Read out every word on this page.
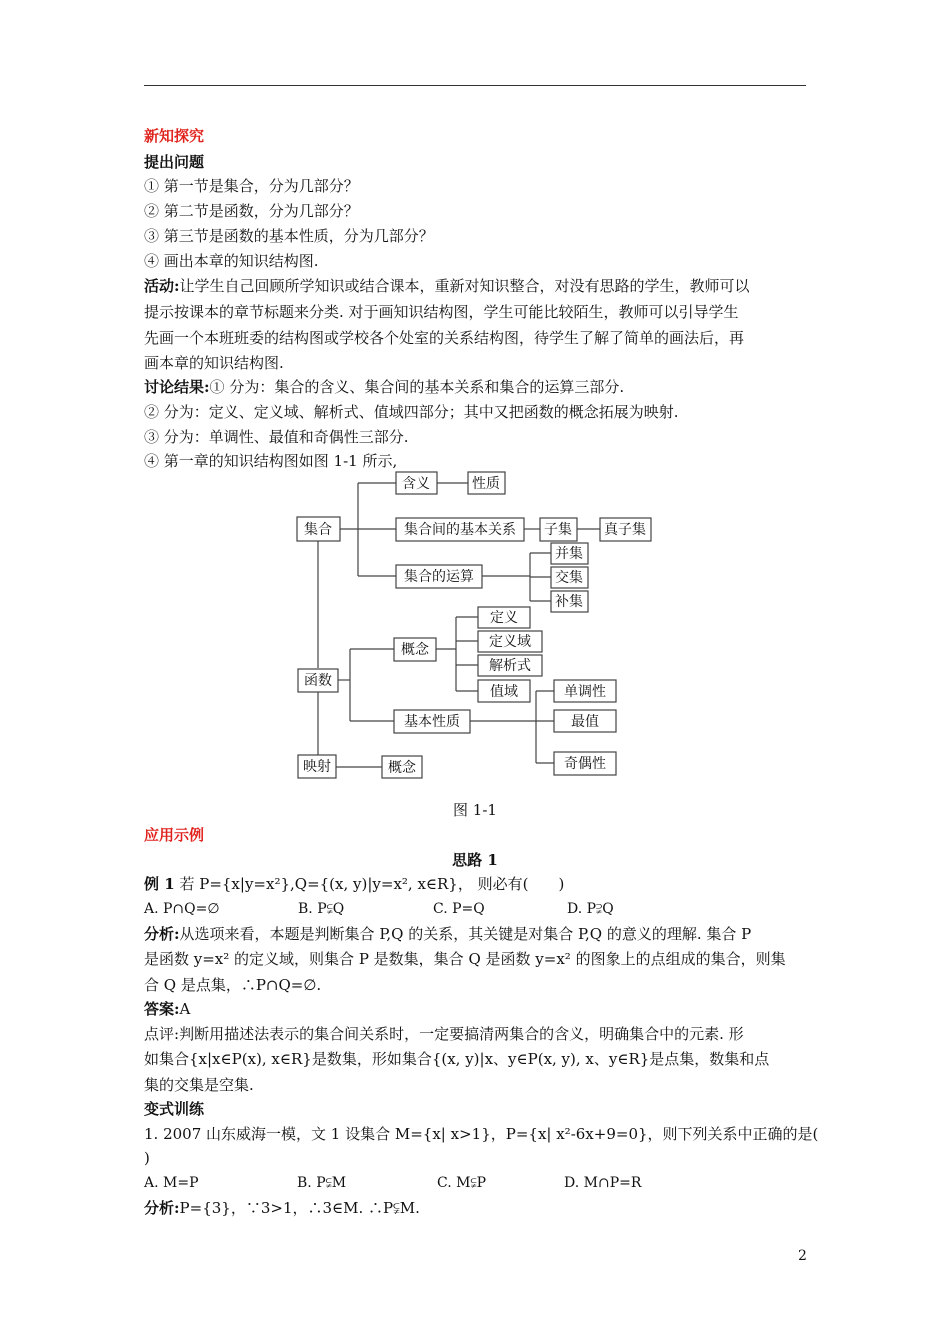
新知探究
提出问题
① 第一节是集合，分为几部分？
② 第二节是函数，分为几部分？
③ 第三节是函数的基本性质，分为几部分？
④ 画出本章的知识结构图.
活动:让学生自己回顾所学知识或结合课本，重新对知识整合，对没有思路的学生，教师可以
提示按课本的章节标题来分类. 对于画知识结构图，学生可能比较陌生，教师可以引导学生
先画一个本班班委的结构图或学校各个处室的关系结构图，待学生了解了简单的画法后，再
画本章的知识结构图.
讨论结果:① 分为：集合的含义、集合间的基本关系和集合的运算三部分.
② 分为：定义、定义域、解析式、值域四部分；其中又把函数的概念拓展为映射.
③ 分为：单调性、最值和奇偶性三部分.
④ 第一章的知识结构图如图 1-1 所示,
集合
含义	性质
集合间的基本关系 子集 真子集
集合的运算
并集
交集
补集
函数
概念
定义
定义域
解析式
值域
基本性质
单调性
最值
奇偶性
映射	概念
图 1-1
应用示例
思路 1
例 1 若 P={x|y=x²},Q={(x, y)|y=x², x∈R}， 则必有(　　)
A. P∩Q=∅	B. P⫋Q	C. P=Q	D. P⫌Q
分析:从选项来看，本题是判断集合 P,Q 的关系，其关键是对集合 P,Q 的意义的理解. 集合 P
是函数 y=x² 的定义域，则集合 P 是数集，集合 Q 是函数 y=x² 的图象上的点组成的集合，则集
合 Q 是点集，∴P∩Q=∅.
答案:A
点评:判断用描述法表示的集合间关系时，一定要搞清两集合的含义，明确集合中的元素. 形
如集合{x|x∈P(x), x∈R}是数集，形如集合{(x, y)|x、y∈P(x, y), x、y∈R}是点集，数集和点
集的交集是空集.
变式训练
1. 2007 山东威海一模，文 1 设集合 M={x| x>1}，P={x| x²-6x+9=0}，则下列关系中正确的是(
)
A. M=P	B. P⫋M	C. M⫋P	D. M∩P=R
分析:P={3}，∵3>1，∴3∈M. ∴P⫋M.
2
